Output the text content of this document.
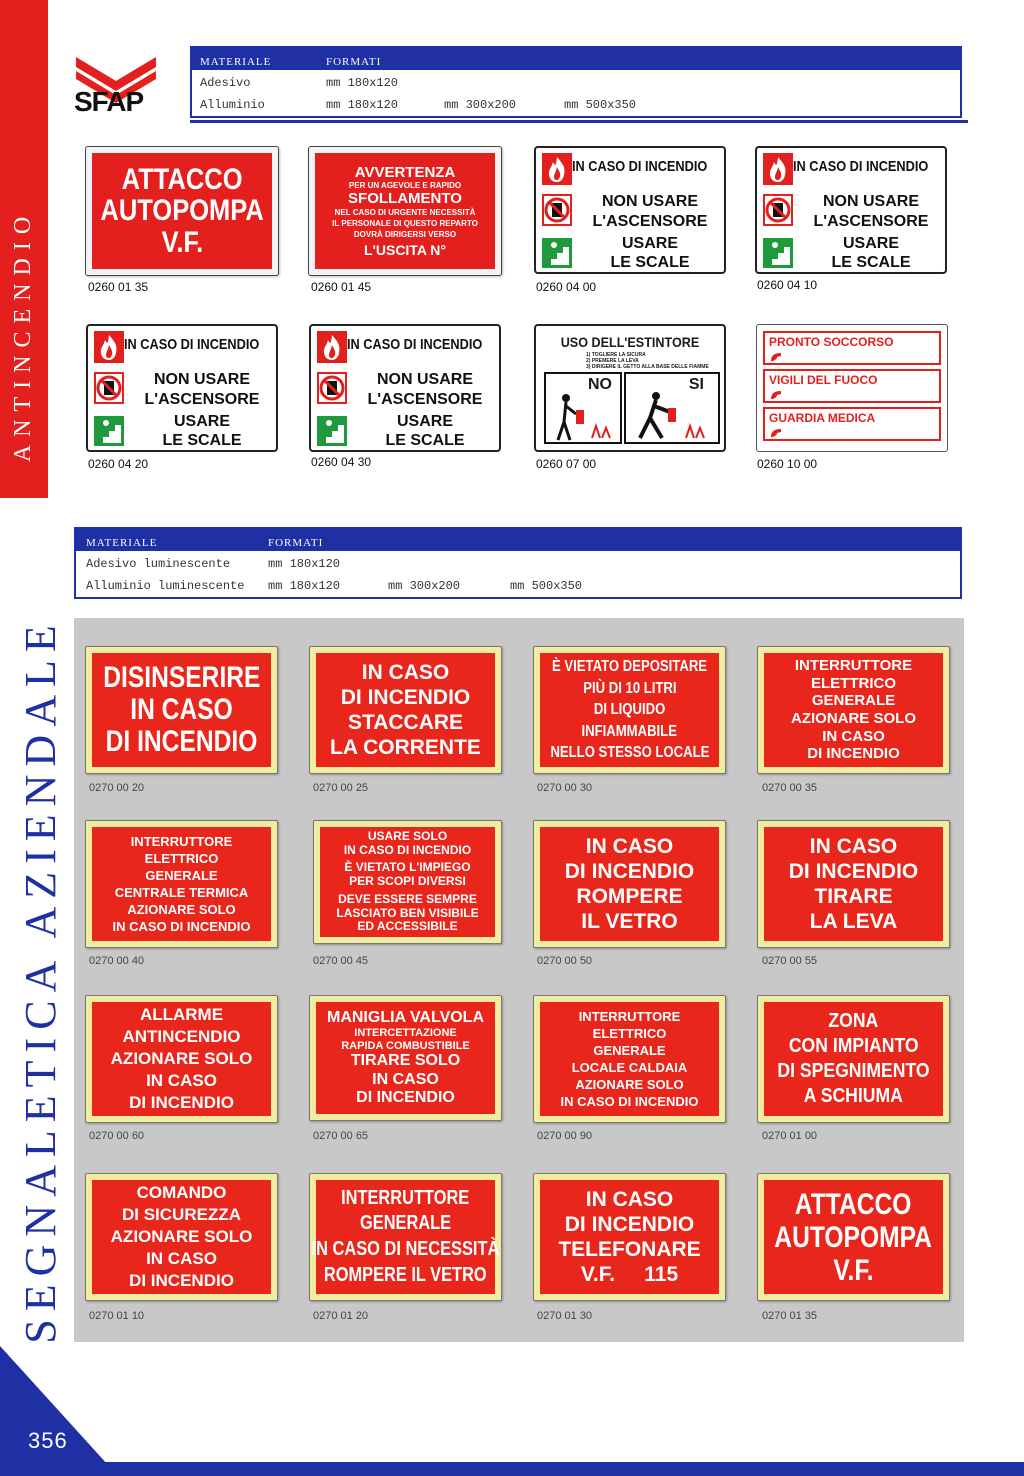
ANTINCENDIO
SEGNALETICA AZIENDALE
356
SFAP
MATERIALE	FORMATI
Adesivo	mm 180x120
Alluminio	mm 180x120	mm 300x200	mm 500x350
ATTACCO
AUTOPOMPA
V.F.
0260 01 35
AVVERTENZA
PER UN AGEVOLE E RAPIDO
SFOLLAMENTO
NEL CASO DI URGENTE NECESSITÀ
IL PERSONALE DI QUESTO REPARTO
DOVRÀ DIRIGERSI VERSO
L'USCITA N°
0260 01 45
IN CASO DI INCENDIO
NON USARE
L'ASCENSORE
USARE
LE SCALE
0260 04 00
IN CASO DI INCENDIO
NON USARE
L'ASCENSORE
USARE
LE SCALE
0260 04 10
IN CASO DI INCENDIO
NON USARE
L'ASCENSORE
USARE
LE SCALE
0260 04 20
IN CASO DI INCENDIO
NON USARE
L'ASCENSORE
USARE
LE SCALE
0260 04 30
USO DELL'ESTINTORE
1) TOGLIERE LA SICURA
2) PREMERE LA LEVA
3) DIRIGERE IL GETTO ALLA BASE DELLE FIAMME
NO	SI
0260 07 00
PRONTO SOCCORSO
VIGILI DEL FUOCO
GUARDIA MEDICA
0260 10 00
MATERIALE	FORMATI
Adesivo luminescente	mm 180x120
Alluminio luminescente mm 180x120	mm 300x200	mm 500x350
DISINSERIRE
IN CASO
DI INCENDIO
0270 00 20
IN CASO
DI INCENDIO
STACCARE
LA CORRENTE
0270 00 25
È VIETATO DEPOSITARE
PIÙ DI 10 LITRI
DI LIQUIDO
INFIAMMABILE
NELLO STESSO LOCALE
0270 00 30
INTERRUTTORE
ELETTRICO
GENERALE
AZIONARE SOLO
IN CASO
DI INCENDIO
0270 00 35
INTERRUTTORE
ELETTRICO
GENERALE
CENTRALE TERMICA
AZIONARE SOLO
IN CASO DI INCENDIO
0270 00 40
USARE SOLO
IN CASO DI INCENDIO
È VIETATO L'IMPIEGO
PER SCOPI DIVERSI
DEVE ESSERE SEMPRE
LASCIATO BEN VISIBILE
ED ACCESSIBILE
0270 00 45
IN CASO
DI INCENDIO
ROMPERE
IL VETRO
0270 00 50
IN CASO
DI INCENDIO
TIRARE
LA LEVA
0270 00 55
ALLARME
ANTINCENDIO
AZIONARE SOLO
IN CASO
DI INCENDIO
0270 00 60
MANIGLIA VALVOLA
INTERCETTAZIONE
RAPIDA COMBUSTIBILE
TIRARE SOLO
IN CASO
DI INCENDIO
0270 00 65
INTERRUTTORE
ELETTRICO
GENERALE
LOCALE CALDAIA
AZIONARE SOLO
IN CASO DI INCENDIO
0270 00 90
ZONA
CON IMPIANTO
DI SPEGNIMENTO
A SCHIUMA
0270 01 00
COMANDO
DI SICUREZZA
AZIONARE SOLO
IN CASO
DI INCENDIO
0270 01 10
INTERRUTTORE
GENERALE
IN CASO DI NECESSITÀ
ROMPERE IL VETRO
0270 01 20
IN CASO
DI INCENDIO
TELEFONARE
V.F.     115
0270 01 30
ATTACCO
AUTOPOMPA
V.F.
0270 01 35
